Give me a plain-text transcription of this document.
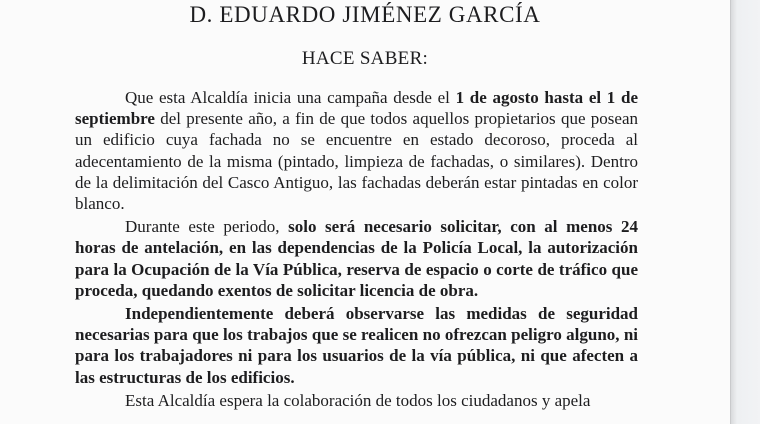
D. EDUARDO JIMÉNEZ GARCÍA
HACE SABER:

Que esta Alcaldía inicia una campaña desde el 1 de agosto hasta el 1 de septiembre del presente año, a fin de que todos aquellos propietarios que posean un edificio cuya fachada no se encuentre en estado decoroso, proceda al adecentamiento de la misma (pintado, limpieza de fachadas, o similares). Dentro de la delimitación del Casco Antiguo, las fachadas deberán estar pintadas en color blanco.

Durante este periodo, solo será necesario solicitar, con al menos 24 horas de antelación, en las dependencias de la Policía Local, la autorización para la Ocupación de la Vía Pública, reserva de espacio o corte de tráfico que proceda, quedando exentos de solicitar licencia de obra.

Independientemente deberá observarse las medidas de seguridad necesarias para que los trabajos que se realicen no ofrezcan peligro alguno, ni para los trabajadores ni para los usuarios de la vía pública, ni que afecten a las estructuras de los edificios.

Esta Alcaldía espera la colaboración de todos los ciudadanos y apela
